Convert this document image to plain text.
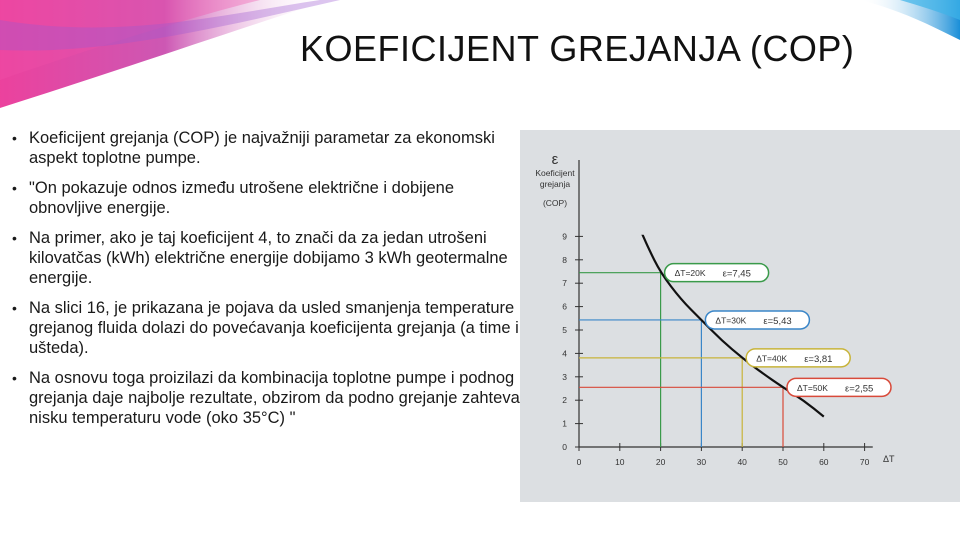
KOEFICIJENT GREJANJA (COP)
• Koeficijent grejanja (COP) je najvažniji parametar za ekonomski aspekt toplotne pumpe.
• "On pokazuje odnos između utrošene električne i dobijene obnovljive energije.
• Na primer, ako je taj koeficijent 4, to znači da za jedan utrošeni kilovatčas (kWh) električne energije dobijamo 3 kWh geotermalne energije.
• Na slici 16, je prikazana je pojava da usled smanjenja temperature grejanog fluida dolazi do povećavanja koeficijenta grejanja (a time i ušteda).
• Na osnovu toga proizilazi da kombinacija toplotne pumpe i podnog grejanja daje najbolje rezultate, obzirom da podno grejanje zahteva nisku temperaturu vode (oko 35°C) "
ε
Koeficijent
grejanja
(COP)
ΔT
0
1
2
3
4
5
6
7
8
9
0	10	20	30	40	50	60	70
ΔT=20K ε=7,45
ΔT=30K ε=5,43
ΔT=40K ε=3,81
ΔT=50K ε=2,55
